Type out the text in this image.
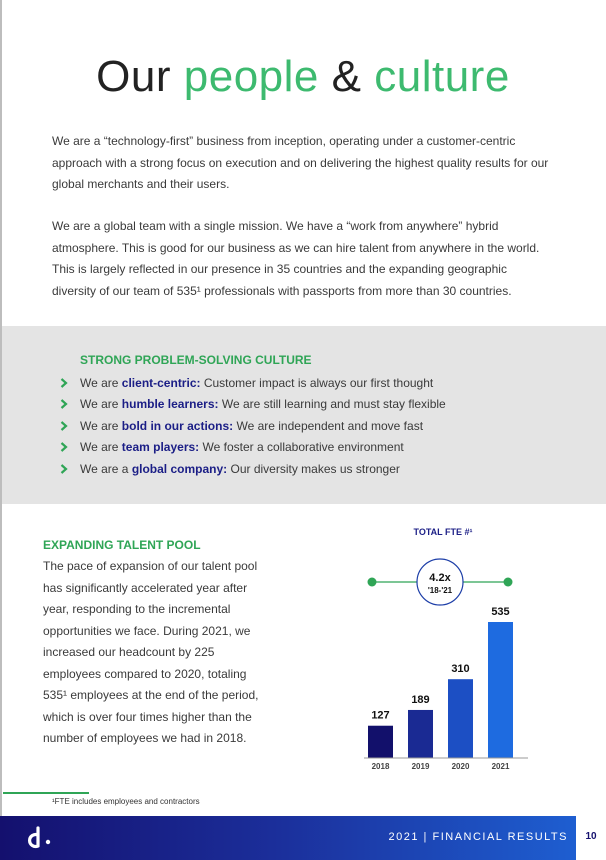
Our people & culture

We are a “technology-first” business from inception, operating under a customer-centric approach with a strong focus on execution and on delivering the highest quality results for our global merchants and their users.

We are a global team with a single mission. We have a “work from anywhere” hybrid atmosphere. This is good for our business as we can hire talent from anywhere in the world. This is largely reflected in our presence in 35 countries and the expanding geographic diversity of our team of 535¹ professionals with passports from more than 30 countries.

STRONG PROBLEM-SOLVING CULTURE
We are client-centric: Customer impact is always our first thought
We are humble learners: We are still learning and must stay flexible
We are bold in our actions: We are independent and move fast
We are team players: We foster a collaborative environment
We are a global company: Our diversity makes us stronger
EXPANDING TALENT POOL

The pace of expansion of our talent pool has significantly accelerated year after year, responding to the incremental opportunities we face. During 2021, we increased our headcount by 225 employees compared to 2020, totaling 535¹ employees at the end of the period, which is over four times higher than the number of employees we had in 2018.

TOTAL FTE #¹
4.2x
'18-'21
127
2018
189
2019
310
2020
535
2021
¹FTE includes employees and contractors
2021 | FINANCIAL RESULTS	10
